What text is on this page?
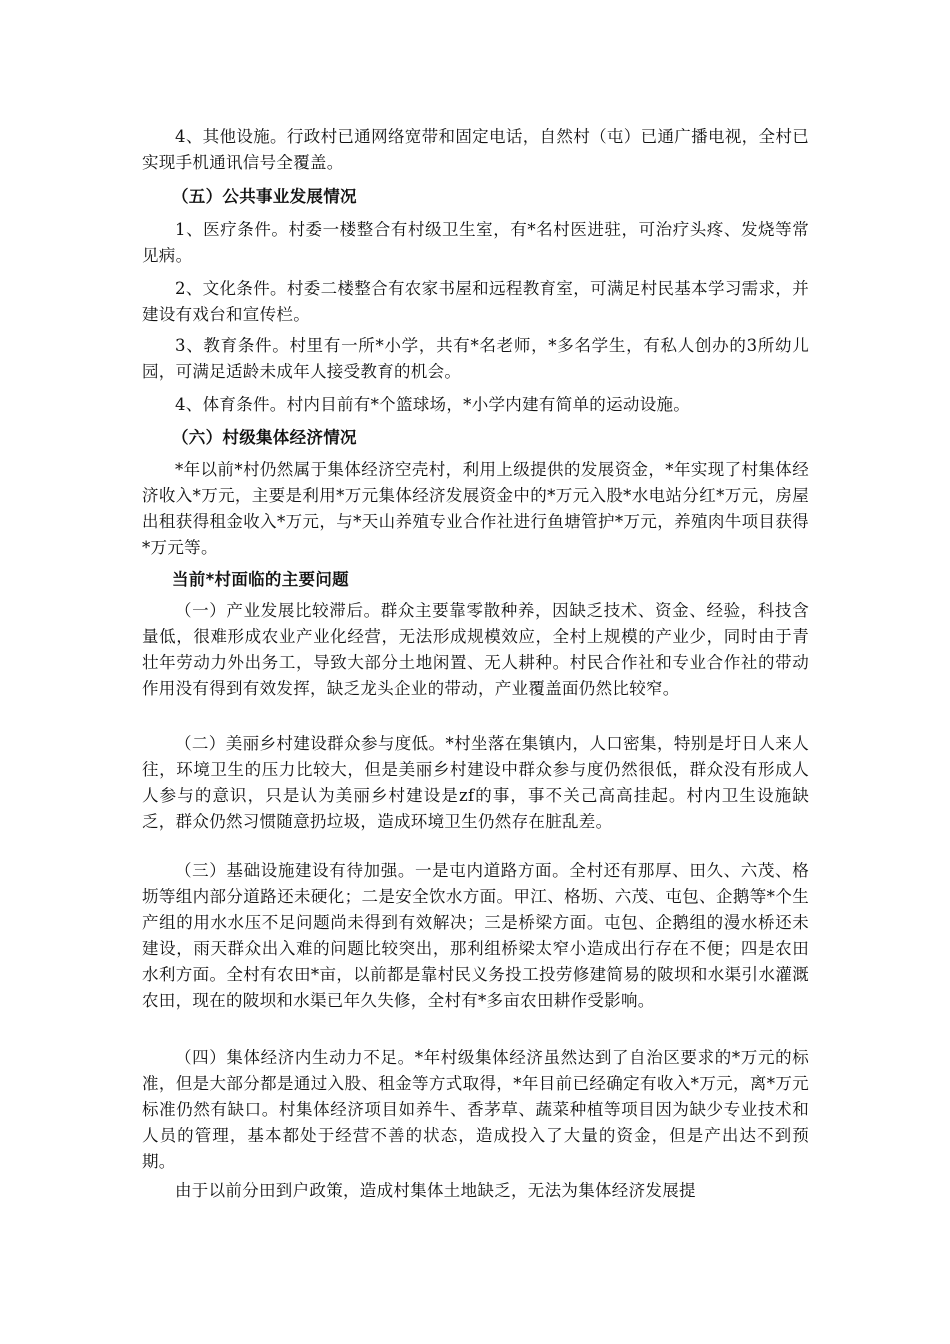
4、其他设施。行政村已通网络宽带和固定电话，自然村（屯）已通广播电视，全村已实现手机通讯信号全覆盖。

（五）公共事业发展情况

1、医疗条件。村委一楼整合有村级卫生室，有*名村医进驻，可治疗头疼、发烧等常见病。

2、文化条件。村委二楼整合有农家书屋和远程教育室，可满足村民基本学习需求，并建设有戏台和宣传栏。

3、教育条件。村里有一所*小学，共有*名老师，*多名学生，有私人创办的3所幼儿园，可满足适龄未成年人接受教育的机会。

4、体育条件。村内目前有*个篮球场，*小学内建有简单的运动设施。

（六）村级集体经济情况

*年以前*村仍然属于集体经济空壳村，利用上级提供的发展资金，*年实现了村集体经济收入*万元，主要是利用*万元集体经济发展资金中的*万元入股*水电站分红*万元，房屋出租获得租金收入*万元，与*天山养殖专业合作社进行鱼塘管护*万元，养殖肉牛项目获得*万元等。

当前*村面临的主要问题

（一）产业发展比较滞后。群众主要靠零散种养，因缺乏技术、资金、经验，科技含量低，很难形成农业产业化经营，无法形成规模效应，全村上规模的产业少，同时由于青壮年劳动力外出务工，导致大部分土地闲置、无人耕种。村民合作社和专业合作社的带动作用没有得到有效发挥，缺乏龙头企业的带动，产业覆盖面仍然比较窄。

（二）美丽乡村建设群众参与度低。*村坐落在集镇内，人口密集，特别是圩日人来人往，环境卫生的压力比较大，但是美丽乡村建设中群众参与度仍然很低，群众没有形成人人参与的意识，只是认为美丽乡村建设是zf的事，事不关己高高挂起。村内卫生设施缺乏，群众仍然习惯随意扔垃圾，造成环境卫生仍然存在脏乱差。

（三）基础设施建设有待加强。一是屯内道路方面。全村还有那厚、田久、六茂、格坜等组内部分道路还未硬化；二是安全饮水方面。甲江、格坜、六茂、屯包、企鹅等*个生产组的用水水压不足问题尚未得到有效解决；三是桥梁方面。屯包、企鹅组的漫水桥还未建设，雨天群众出入难的问题比较突出，那利组桥梁太窄小造成出行存在不便；四是农田水利方面。全村有农田*亩，以前都是靠村民义务投工投劳修建简易的陂坝和水渠引水灌溉农田，现在的陂坝和水渠已年久失修，全村有*多亩农田耕作受影响。

（四）集体经济内生动力不足。*年村级集体经济虽然达到了自治区要求的*万元的标准，但是大部分都是通过入股、租金等方式取得，*年目前已经确定有收入*万元，离*万元标准仍然有缺口。村集体经济项目如养牛、香茅草、蔬菜种植等项目因为缺少专业技术和人员的管理，基本都处于经营不善的状态，造成投入了大量的资金，但是产出达不到预期。

由于以前分田到户政策，造成村集体土地缺乏，无法为集体经济发展提
